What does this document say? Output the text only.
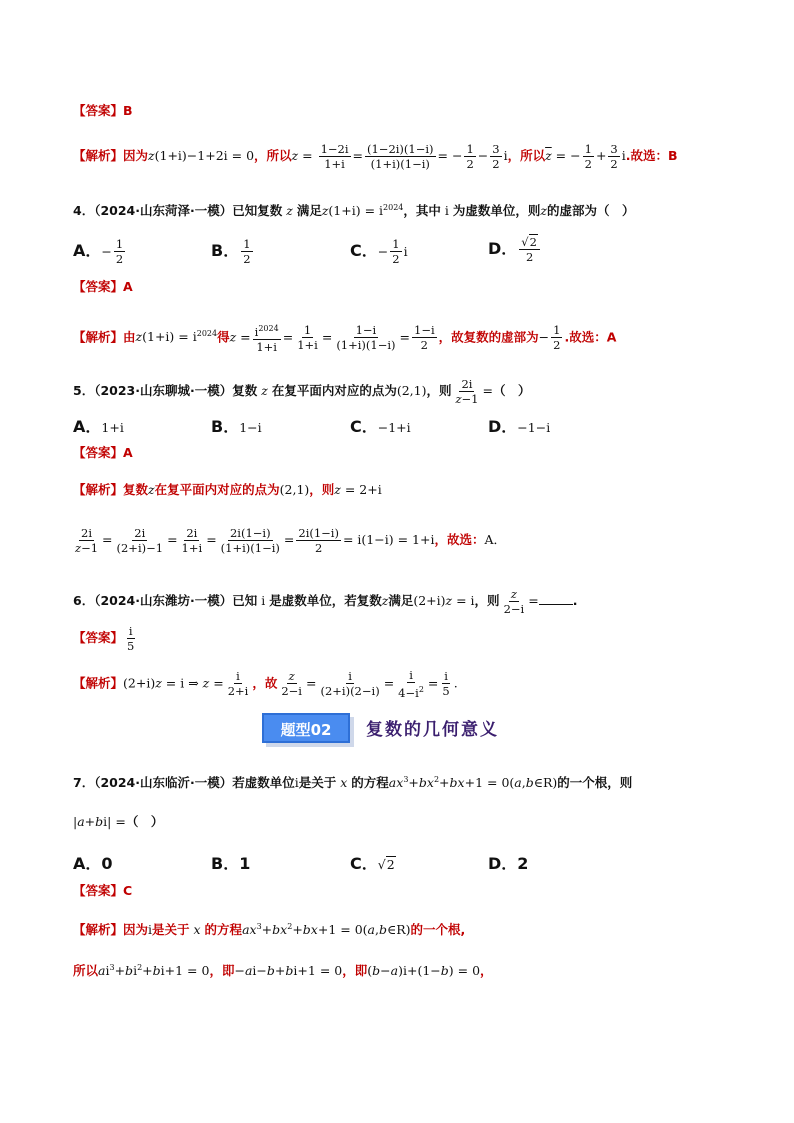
【答案】B
【解析】因为z(1+i)−1+2i = 0，所以$z = \frac{1-2i}{1+i} = \frac{(1-2i)(1-i)}{(1+i)(1-i)}$ = − $\frac{1}{2} - \frac{3}{2}$ i，所以$\overline{z}$ = − $\frac{1}{2} + \frac{3}{2} i$.故选：B
4．（2024·山东菏泽·一模）已知复数 z 满足$z(1+i) = i^{2024}$，其中 i 为虚数单位，则z的虚部为（　）
A．− $\frac{1}{2}$	B． $\frac{1}{2}$	C．− $\frac{1}{2}$ i	D． $\frac{√2}{2}$
【答案】A
【解析】由$z(1+i) = i^{2024}$得$z = \frac{i^{2024}}{1+i} = \frac{1}{1+i} = \frac{1-i}{(1+i)(1-i)} = \frac{1-i}{2}$ ，故复数的虚部为− $\frac{1}{2}$ .故选：A
5．（2023·山东聊城·一模）复数 z 在复平面内对应的点为(2,1)，则 $\frac{2i}{z-1}$ =（　）
A．1+i	B．1−i	C．−1+i	D．−1−i
【答案】A
【解析】复数z在复平面内对应的点为(2,1)，则z = 2+i
$\frac{2i}{z-1} = \frac{2i}{(2+i)-1} = \frac{2i}{1+i} = \frac{2i(1-i)}{(1+i)(1-i)} = \frac{2i(1-i)}{2} = i(1-i) = 1+i$，故选：A．
6．（2024·山东潍坊·一模）已知 i 是虚数单位，若复数z满足(2+i)z = i，则 $\frac{z}{2-i}$ =	.
【答案】 $\frac{i}{5}$
【解析】(2+i)z = i ⇒ $z = \frac{i}{2+i}$ ，故 $\frac{z}{2-i} = \frac{i}{(2+i)(2-i)} = \frac{i}{4-i^2} = \frac{i}{5}$ .
题型02	复数的几何意义
7．（2024·山东临沂·一模）若虚数单位i是关于 x 的方程$ax^3+bx^2+bx+1$ = 0(a,b∈R)的一个根，则
|a+bi| =（　）
A．0	B．1	C．√2	D．2
【答案】C
【解析】因为i是关于 x 的方程$ax^3+bx^2+bx+1$ = 0(a,b∈R)的一个根,
所以$ai^3+bi^2+bi+1 = 0$，即−ai−b+bi+1 = 0，即(b−a)i+(1−b) = 0，
